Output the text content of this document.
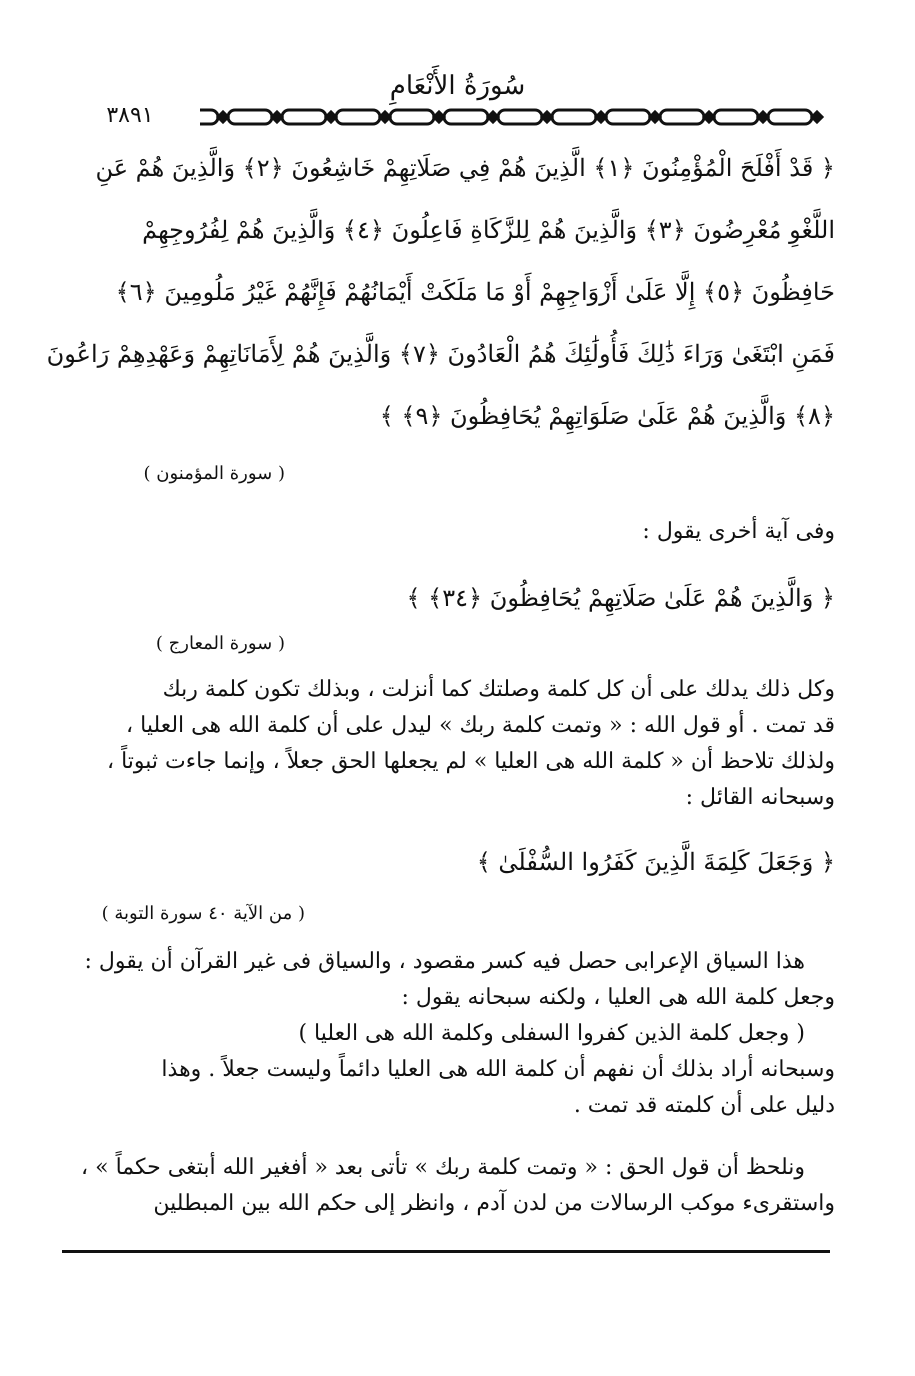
سُورَةُ الأَنْعَامِ
٣٨٩١
﴿ قَدْ أَفْلَحَ الْمُؤْمِنُونَ ﴿١﴾ الَّذِينَ هُمْ فِي صَلَاتِهِمْ خَاشِعُونَ ﴿٢﴾ وَالَّذِينَ هُمْ عَنِ
اللَّغْوِ مُعْرِضُونَ ﴿٣﴾ وَالَّذِينَ هُمْ لِلزَّكَاةِ فَاعِلُونَ ﴿٤﴾ وَالَّذِينَ هُمْ لِفُرُوجِهِمْ
حَافِظُونَ ﴿٥﴾ إِلَّا عَلَىٰ أَزْوَاجِهِمْ أَوْ مَا مَلَكَتْ أَيْمَانُهُمْ فَإِنَّهُمْ غَيْرُ مَلُومِينَ ﴿٦﴾
فَمَنِ ابْتَغَىٰ وَرَاءَ ذَٰلِكَ فَأُولَٰئِكَ هُمُ الْعَادُونَ ﴿٧﴾ وَالَّذِينَ هُمْ لِأَمَانَاتِهِمْ وَعَهْدِهِمْ رَاعُونَ
﴿٨﴾ وَالَّذِينَ هُمْ عَلَىٰ صَلَوَاتِهِمْ يُحَافِظُونَ ﴿٩﴾ ﴾
( سورة المؤمنون )
وفى آية أخرى يقول :
﴿ وَالَّذِينَ هُمْ عَلَىٰ صَلَاتِهِمْ يُحَافِظُونَ ﴿٣٤﴾ ﴾
( سورة المعارج )
وكل ذلك يدلك على أن كل كلمة وصلتك كما أنزلت ، وبذلك تكون كلمة ربك
قد تمت . أو قول الله : « وتمت كلمة ربك » ليدل على أن كلمة الله هى العليا ،
ولذلك تلاحظ أن « كلمة الله هى العليا » لم يجعلها الحق جعلاً ، وإنما جاءت ثبوتاً ،
وسبحانه القائل :
﴿ وَجَعَلَ كَلِمَةَ الَّذِينَ كَفَرُوا السُّفْلَىٰ ﴾
( من الآية ٤٠ سورة التوبة )
هذا السياق الإعرابى حصل فيه كسر مقصود ، والسياق فى غير القرآن أن يقول :
وجعل كلمة الله هى العليا ، ولكنه سبحانه يقول :
( وجعل كلمة الذين كفروا السفلى وكلمة الله هى العليا )
وسبحانه أراد بذلك أن نفهم أن كلمة الله هى العليا دائماً وليست جعلاً . وهذا
دليل على أن كلمته قد تمت .
ونلحظ أن قول الحق : « وتمت كلمة ربك » تأتى بعد « أفغير الله أبتغى حكماً » ،
واستقرىء موكب الرسالات من لدن آدم ، وانظر إلى حكم الله بين المبطلين
